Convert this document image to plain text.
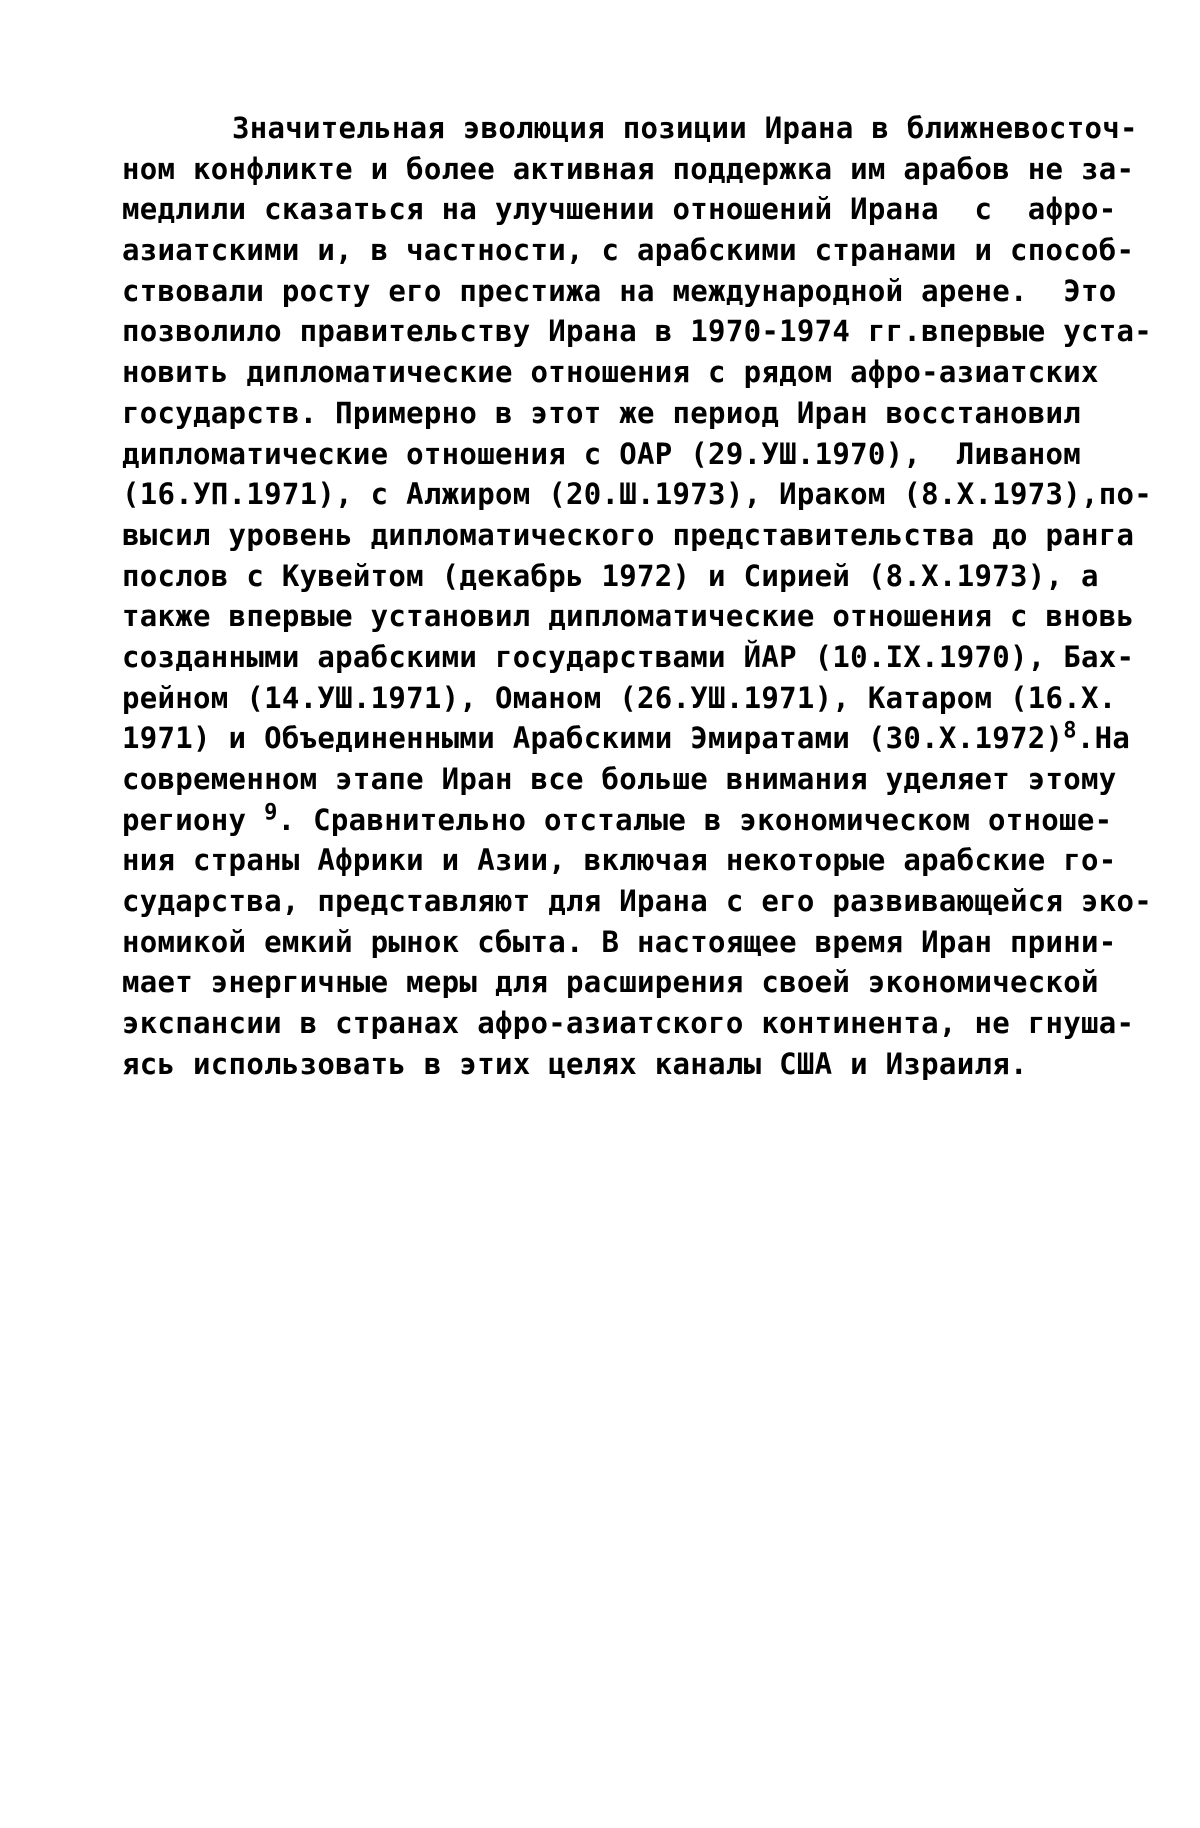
Значительная эволюция позиции Ирана в ближневосточ-
ном конфликте и более активная поддержка им арабов не за-
медлили сказаться на улучшении отношений Ирана  с  афро-
азиатскими и, в частности, с арабскими странами и способ-
ствовали росту его престижа на международной арене.  Это
позволило правительству Ирана в 1970-1974 гг.впервые уста-
новить дипломатические отношения с рядом афро-азиатских
государств. Примерно в этот же период Иран восстановил
дипломатические отношения с ОАР (29.УШ.1970),  Ливаном
(16.УП.1971), с Алжиром (20.Ш.1973), Ираком (8.Х.1973),по-
высил уровень дипломатического представительства до ранга
послов с Кувейтом (декабрь 1972) и Сирией (8.Х.1973), а
также впервые установил дипломатические отношения с вновь
созданными арабскими государствами ЙАР (10.IX.1970), Бах-
рейном (14.УШ.1971), Оманом (26.УШ.1971), Катаром (16.Х.
1971) и Объединенными Арабскими Эмиратами $(30.Х.1972)^8.На$
современном этапе Иран все больше внимания уделяет этому
региону $^9$. Сравнительно отсталые в экономическом отноше-
ния страны Африки и Азии, включая некоторые арабские го-
сударства, представляют для Ирана с его развивающейся эко-
номикой емкий рынок сбыта. В настоящее время Иран прини-
мает энергичные меры для расширения своей экономической
экспансии в странах афро-азиатского континента, не гнуша-
ясь использовать в этих целях каналы США и Израиля.
